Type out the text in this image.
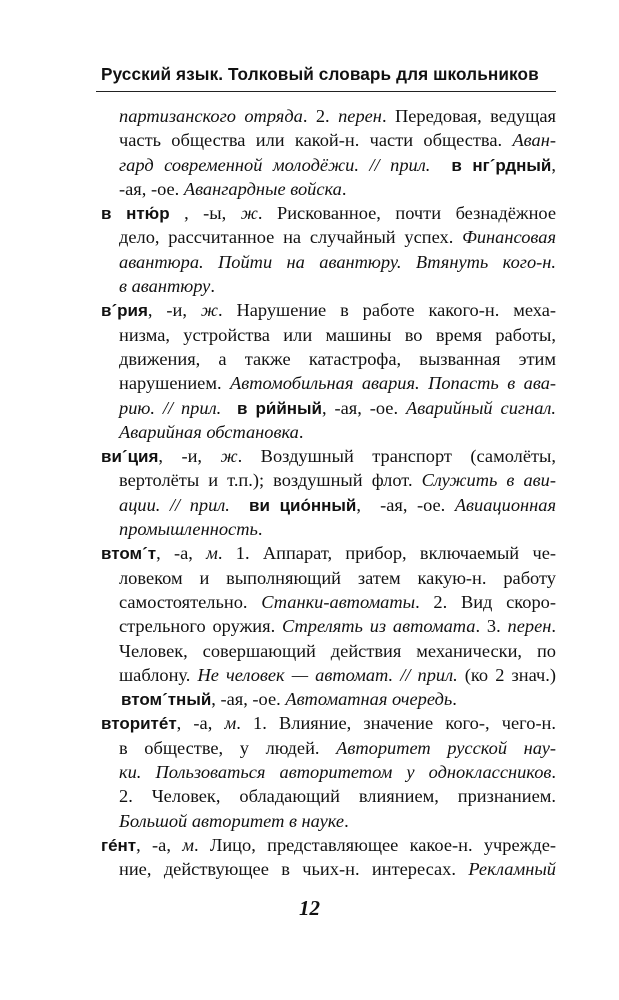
Русский язык. Толковый словарь для школьников
партизанского отряда. 2. перен. Передовая, ведущая
часть общества или какой-н. части общества. Аван-
гард современной молодёжи. // прил. в нг´рдный,
-ая, -ое. Авангардные войска.
в нтю́р , -ы, ж. Рискованное, почти безнадёжное
дело, рассчитанное на случайный успех. Финансовая
авантюра. Пойти на авантюру. Втянуть кого-н.
в авантюру.
в´рия, -и, ж. Нарушение в работе какого-н. меха-
низма, устройства или машины во время работы,
движения, а также катастрофа, вызванная этим
нарушением. Автомобильная авария. Попасть в ава-
рию. // прил. в ри́йный, -ая, -ое. Аварийный сигнал.
Аварийная обстановка.
ви´ция, -и, ж. Воздушный транспорт (самолёты,
вертолёты и т.п.); воздушный флот. Служить в ави-
ации. // прил. ви цио́нный,  -ая, -ое. Авиационная
промышленность.
втом´т, -а, м. 1. Аппарат, прибор, включаемый че-
ловеком и выполняющий затем какую-н. работу
самостоятельно. Станки-автоматы. 2. Вид скоро-
стрельного оружия. Стрелять из автомата. 3. перен.
Человек, совершающий действия механически, по
шаблону. Не человек — автомат. // прил. (ко 2 знач.)
втом´тный, -ая, -ое. Автоматная очередь.
вторитéт, -а, м. 1. Влияние, значение кого-, чего-н.
в обществе, у людей. Авторитет русской нау-
ки. Пользоваться авторитетом у одноклассников.
2. Человек, обладающий влиянием, признанием.
Большой авторитет в науке.
гéнт, -а, м. Лицо, представляющее какое-н. учрежде-
ние, действующее в чьих-н. интересах. Рекламный
12
